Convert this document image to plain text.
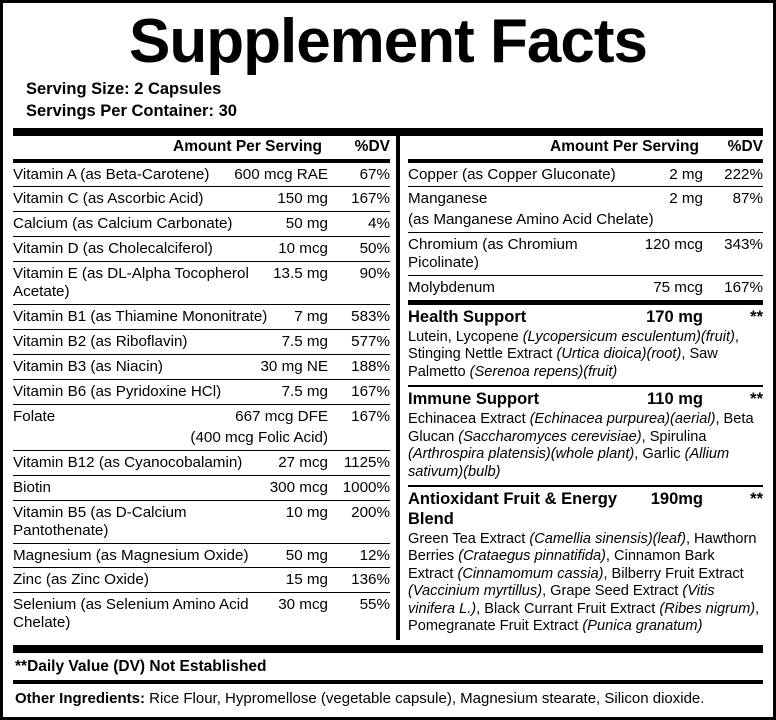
Supplement Facts
Serving Size: 2 Capsules
Servings Per Container: 30
Amount Per Serving	%DV
Vitamin A (as Beta-Carotene)	600 mcg RAE	67%
Vitamin C (as Ascorbic Acid)	150 mg	167%
Calcium (as Calcium Carbonate)	50 mg	4%
Vitamin D (as Cholecalciferol)	10 mcg	50%
Vitamin E (as DL-Alpha Tocopherol Acetate)
13.5 mg	90%
Vitamin B1 (as Thiamine Mononitrate)	7 mg	583%
Vitamin B2 (as Riboflavin)	7.5 mg	577%
Vitamin B3 (as Niacin)	30 mg NE	188%
Vitamin B6 (as Pyridoxine HCl)	7.5 mg	167%
Folate	667 mcg DFE	167%
(400 mcg Folic Acid)
Vitamin B12 (as Cyanocobalamin)	27 mcg	1125%
Biotin	300 mcg 1000%
Vitamin B5 (as D-Calcium Pantothenate)
10 mg	200%
Magnesium (as Magnesium Oxide)	50 mg	12%
Zinc (as Zinc Oxide)	15 mg	136%
Selenium (as Selenium Amino Acid Chelate)
30 mcg	55%
Amount Per Serving	%DV
Copper (as Copper Gluconate)	2 mg	222%
Manganese	2 mg	87%
(as Manganese Amino Acid Chelate)
Chromium (as Chromium Picolinate)
120 mcg	343%
Molybdenum	75 mcg	167%
Health Support	170 mg	**
Lutein, Lycopene (Lycopersicum esculentum)(fruit), Stinging Nettle Extract (Urtica dioica)(root), Saw Palmetto (Serenoa repens)(fruit)
Immune Support	110 mg	**
Echinacea Extract (Echinacea purpurea)(aerial), Beta Glucan (Saccharomyces cerevisiae), Spirulina (Arthrospira platensis)(whole plant), Garlic (Allium sativum)(bulb)
Antioxidant Fruit & Energy Blend
190mg	**
Green Tea Extract (Camellia sinensis)(leaf), Hawthorn Berries (Crataegus pinnatifida), Cinnamon Bark Extract (Cinnamomum cassia), Bilberry Fruit Extract (Vaccinium myrtillus), Grape Seed Extract (Vitis vinifera L.), Black Currant Fruit Extract (Ribes nigrum), Pomegranate Fruit Extract (Punica granatum)
**Daily Value (DV) Not Established
Other Ingredients: Rice Flour, Hypromellose (vegetable capsule), Magnesium stearate, Silicon dioxide.
